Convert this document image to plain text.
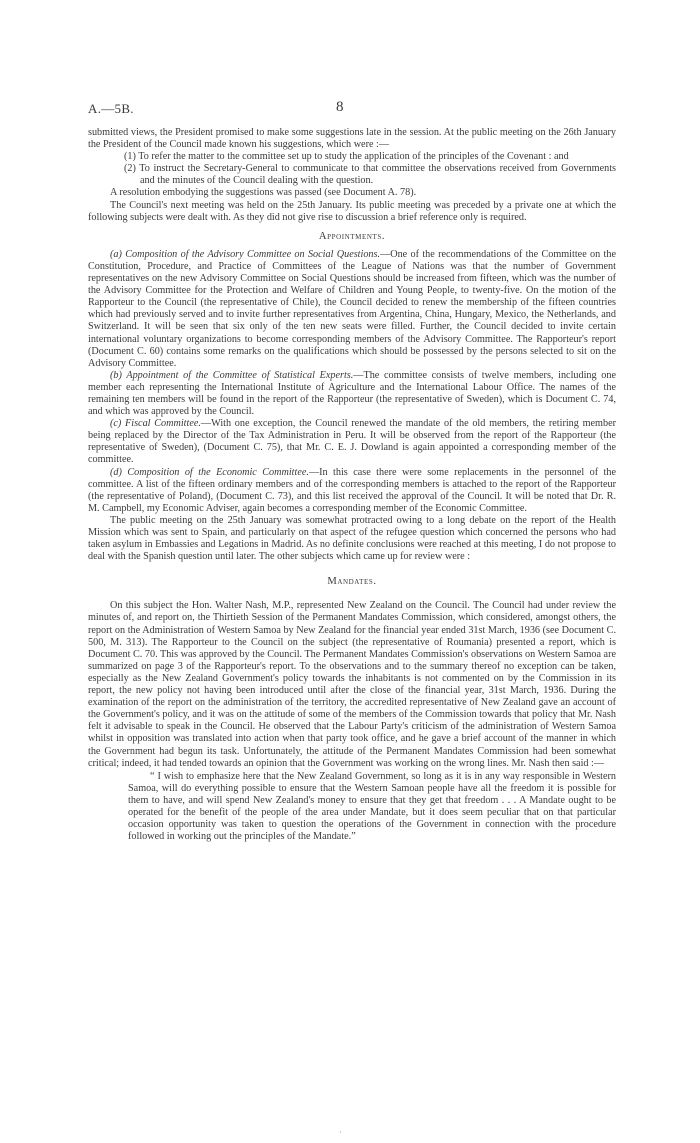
A.—5B.	8

submitted views, the President promised to make some suggestions late in the session. At the public meeting on the 26th January the President of the Council made known his suggestions, which were :—

(1) To refer the matter to the committee set up to study the application of the principles of the Covenant : and

(2) To instruct the Secretary-General to communicate to that committee the observations received from Governments and the minutes of the Council dealing with the question.

A resolution embodying the suggestions was passed (see Document A. 78).

The Council's next meeting was held on the 25th January. Its public meeting was preceded by a private one at which the following subjects were dealt with. As they did not give rise to discussion a brief reference only is required.

Appointments.

(a) Composition of the Advisory Committee on Social Questions.—One of the recommendations of the Committee on the Constitution, Procedure, and Practice of Committees of the League of Nations was that the number of Government representatives on the new Advisory Committee on Social Questions should be increased from fifteen, which was the number of the Advisory Committee for the Protection and Welfare of Children and Young People, to twenty-five. On the motion of the Rapporteur to the Council (the representative of Chile), the Council decided to renew the membership of the fifteen countries which had previously served and to invite further representatives from Argentina, China, Hungary, Mexico, the Netherlands, and Switzerland. It will be seen that six only of the ten new seats were filled. Further, the Council decided to invite certain international voluntary organizations to become corresponding members of the Advisory Committee. The Rapporteur's report (Document C. 60) contains some remarks on the qualifications which should be possessed by the persons selected to sit on the Advisory Committee.

(b) Appointment of the Committee of Statistical Experts.—The committee consists of twelve members, including one member each representing the International Institute of Agriculture and the International Labour Office. The names of the remaining ten members will be found in the report of the Rapporteur (the representative of Sweden), which is Document C. 74, and which was approved by the Council.

(c) Fiscal Committee.—With one exception, the Council renewed the mandate of the old members, the retiring member being replaced by the Director of the Tax Administration in Peru. It will be observed from the report of the Rapporteur (the representative of Sweden), (Document C. 75), that Mr. C. E. J. Dowland is again appointed a corresponding member of the committee.

(d) Composition of the Economic Committee.—In this case there were some replacements in the personnel of the committee. A list of the fifteen ordinary members and of the corresponding members is attached to the report of the Rapporteur (the representative of Poland), (Document C. 73), and this list received the approval of the Council. It will be noted that Dr. R. M. Campbell, my Economic Adviser, again becomes a corresponding member of the Economic Committee.

The public meeting on the 25th January was somewhat protracted owing to a long debate on the report of the Health Mission which was sent to Spain, and particularly on that aspect of the refugee question which concerned the persons who had taken asylum in Embassies and Legations in Madrid. As no definite conclusions were reached at this meeting, I do not propose to deal with the Spanish question until later. The other subjects which came up for review were :

Mandates.

On this subject the Hon. Walter Nash, M.P., represented New Zealand on the Council. The Council had under review the minutes of, and report on, the Thirtieth Session of the Permanent Mandates Commission, which considered, amongst others, the report on the Administration of Western Samoa by New Zealand for the financial year ended 31st March, 1936 (see Document C. 500, M. 313). The Rapporteur to the Council on the subject (the representative of Roumania) presented a report, which is Document C. 70. This was approved by the Council. The Permanent Mandates Commission's observations on Western Samoa are summarized on page 3 of the Rapporteur's report. To the observations and to the summary thereof no exception can be taken, especially as the New Zealand Government's policy towards the inhabitants is not commented on by the Commission in its report, the new policy not having been introduced until after the close of the financial year, 31st March, 1936. During the examination of the report on the administration of the territory, the accredited representative of New Zealand gave an account of the Government's policy, and it was on the attitude of some of the members of the Commission towards that policy that Mr. Nash felt it advisable to speak in the Council. He observed that the Labour Party's criticism of the administration of Western Samoa whilst in opposition was translated into action when that party took office, and he gave a brief account of the manner in which the Government had begun its task. Unfortunately, the attitude of the Permanent Mandates Commission had been somewhat critical; indeed, it had tended towards an opinion that the Government was working on the wrong lines. Mr. Nash then said :—

“ I wish to emphasize here that the New Zealand Government, so long as it is in any way responsible in Western Samoa, will do everything possible to ensure that the Western Samoan people have all the freedom it is possible for them to have, and will spend New Zealand's money to ensure that they get that freedom . . . A Mandate ought to be operated for the benefit of the people of the area under Mandate, but it does seem peculiar that on that particular occasion opportunity was taken to question the operations of the Government in connection with the procedure followed in working out the principles of the Mandate.”

·
